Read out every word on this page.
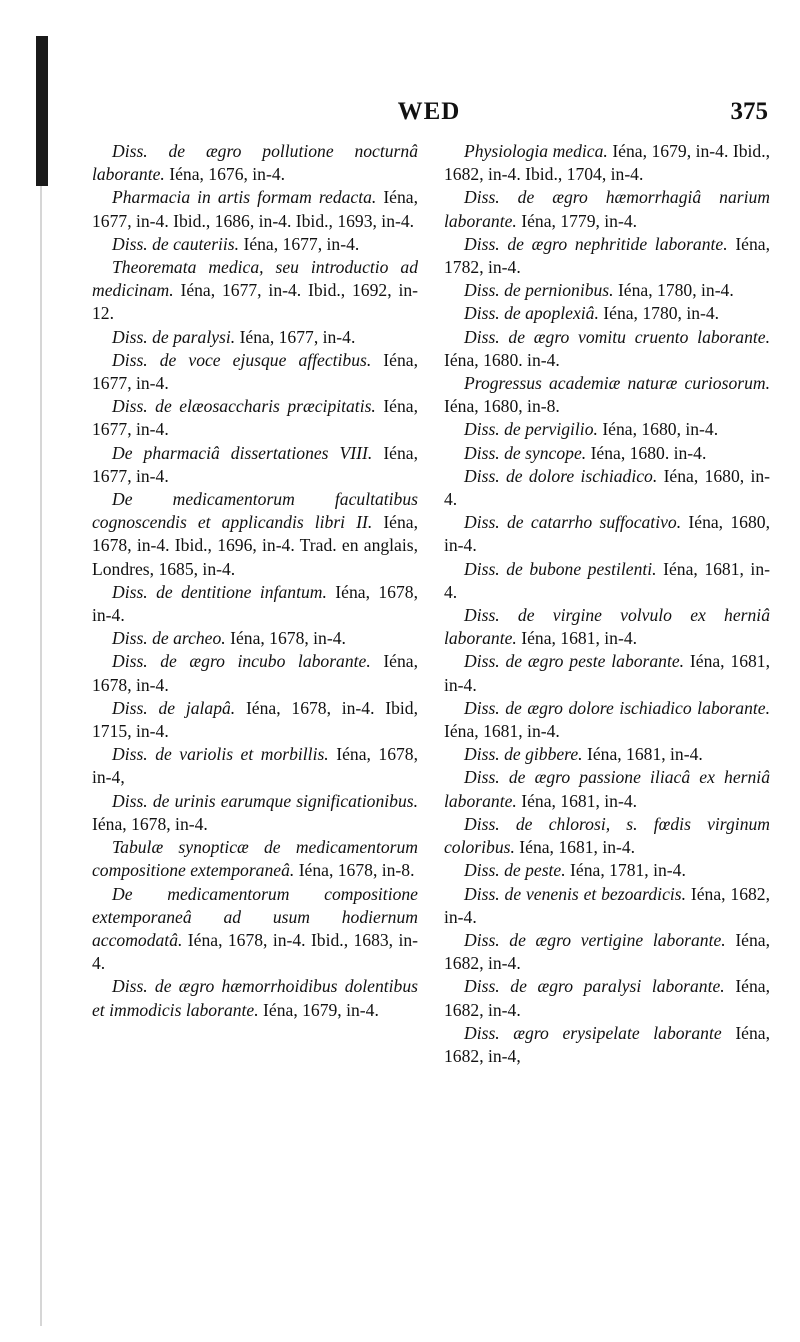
WED	375

Diss. de ægro pollutione nocturnâ laborante. Iéna, 1676, in-4.

Pharmacia in artis formam redacta. Iéna, 1677, in-4. Ibid., 1686, in-4. Ibid., 1693, in-4.

Diss. de cauteriis. Iéna, 1677, in-4.

Theoremata medica, seu introductio ad medicinam. Iéna, 1677, in-4. Ibid., 1692, in-12.

Diss. de paralysi. Iéna, 1677, in-4.

Diss. de voce ejusque affectibus. Iéna, 1677, in-4.

Diss. de elæosaccharis præcipitatis. Iéna, 1677, in-4.

De pharmaciâ dissertationes VIII. Iéna, 1677, in-4.

De medicamentorum facultatibus cognoscendis et applicandis libri II. Iéna, 1678, in-4. Ibid., 1696, in-4. Trad. en anglais, Londres, 1685, in-4.

Diss. de dentitione infantum. Iéna, 1678, in-4.

Diss. de archeo. Iéna, 1678, in-4.

Diss. de ægro incubo laborante. Iéna, 1678, in-4.

Diss. de jalapâ. Iéna, 1678, in-4. Ibid, 1715, in-4.

Diss. de variolis et morbillis. Iéna, 1678, in-4,

Diss. de urinis earumque significationibus. Iéna, 1678, in-4.

Tabulæ synopticæ de medicamentorum compositione extemporaneâ. Iéna, 1678, in-8.

De medicamentorum compositione extemporaneâ ad usum hodiernum accomodatâ. Iéna, 1678, in-4. Ibid., 1683, in-4.

Diss. de ægro hæmorrhoidibus dolentibus et immodicis laborante. Iéna, 1679, in-4.

Physiologia medica. Iéna, 1679, in-4. Ibid., 1682, in-4. Ibid., 1704, in-4.

Diss. de ægro hæmorrhagiâ narium laborante. Iéna, 1779, in-4.

Diss. de ægro nephritide laborante. Iéna, 1782, in-4.

Diss. de pernionibus. Iéna, 1780, in-4.

Diss. de apoplexiâ. Iéna, 1780, in-4.

Diss. de ægro vomitu cruento laborante. Iéna, 1680. in-4.

Progressus academiæ naturæ curiosorum. Iéna, 1680, in-8.

Diss. de pervigilio. Iéna, 1680, in-4.

Diss. de syncope. Iéna, 1680. in-4.

Diss. de dolore ischiadico. Iéna, 1680, in-4.

Diss. de catarrho suffocativo. Iéna, 1680, in-4.

Diss. de bubone pestilenti. Iéna, 1681, in-4.

Diss. de virgine volvulo ex herniâ laborante. Iéna, 1681, in-4.

Diss. de ægro peste laborante. Iéna, 1681, in-4.

Diss. de ægro dolore ischiadico laborante. Iéna, 1681, in-4.

Diss. de gibbere. Iéna, 1681, in-4.

Diss. de ægro passione iliacâ ex herniâ laborante. Iéna, 1681, in-4.

Diss. de chlorosi, s. fœdis virginum coloribus. Iéna, 1681, in-4.

Diss. de peste. Iéna, 1781, in-4.

Diss. de venenis et bezoardicis. Iéna, 1682, in-4.

Diss. de ægro vertigine laborante. Iéna, 1682, in-4.

Diss. de ægro paralysi laborante. Iéna, 1682, in-4.

Diss. ægro erysipelate laborante Iéna, 1682, in-4,
